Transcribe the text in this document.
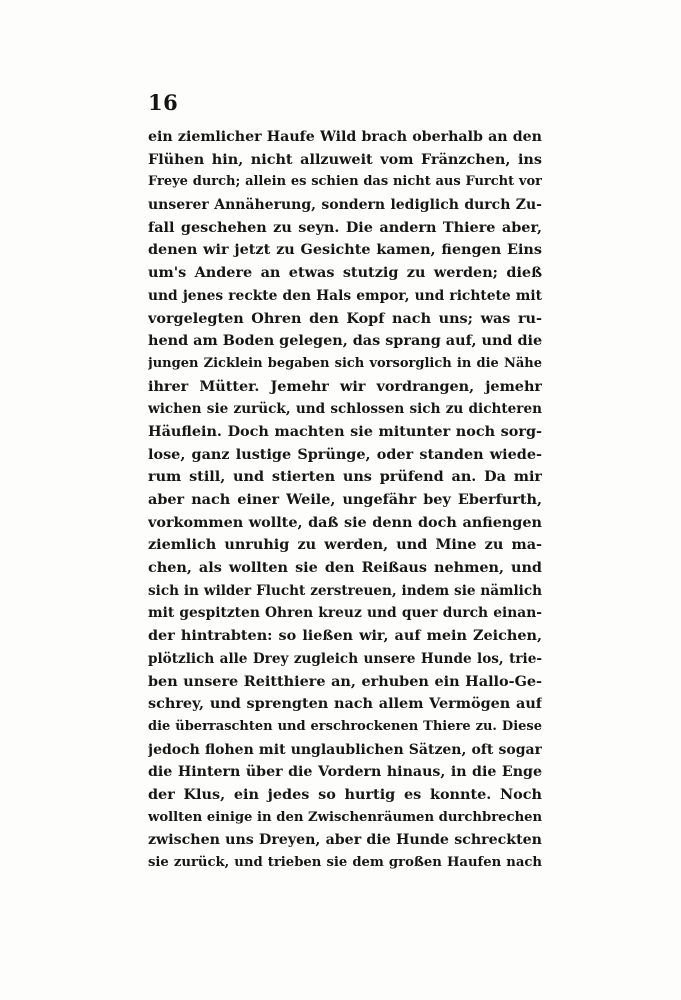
16
ein ziemlicher Haufe Wild brach oberhalb an den
Flühen hin, nicht allzuweit vom Fränzchen, ins
Freye durch; allein es schien das nicht aus Furcht vor
unserer Annäherung, sondern lediglich durch Zu-
fall geschehen zu seyn. Die andern Thiere aber,
denen wir jetzt zu Gesichte kamen, fiengen Eins
um's Andere an etwas stutzig zu werden; dieß
und jenes reckte den Hals empor, und richtete mit
vorgelegten Ohren den Kopf nach uns; was ru-
hend am Boden gelegen, das sprang auf, und die
jungen Zicklein begaben sich vorsorglich in die Nähe
ihrer Mütter. Jemehr wir vordrangen, jemehr
wichen sie zurück, und schlossen sich zu dichteren
Häuflein. Doch machten sie mitunter noch sorg-
lose, ganz lustige Sprünge, oder standen wiede-
rum still, und stierten uns prüfend an. Da mir
aber nach einer Weile, ungefähr bey Eberfurth,
vorkommen wollte, daß sie denn doch anfiengen
ziemlich unruhig zu werden, und Mine zu ma-
chen, als wollten sie den Reißaus nehmen, und
sich in wilder Flucht zerstreuen, indem sie nämlich
mit gespitzten Ohren kreuz und quer durch einan-
der hintrabten: so ließen wir, auf mein Zeichen,
plötzlich alle Drey zugleich unsere Hunde los, trie-
ben unsere Reitthiere an, erhuben ein Hallo-Ge-
schrey, und sprengten nach allem Vermögen auf
die überraschten und erschrockenen Thiere zu. Diese
jedoch flohen mit unglaublichen Sätzen, oft sogar
die Hintern über die Vordern hinaus, in die Enge
der Klus, ein jedes so hurtig es konnte. Noch
wollten einige in den Zwischenräumen durchbrechen
zwischen uns Dreyen, aber die Hunde schreckten
sie zurück, und trieben sie dem großen Haufen nach
